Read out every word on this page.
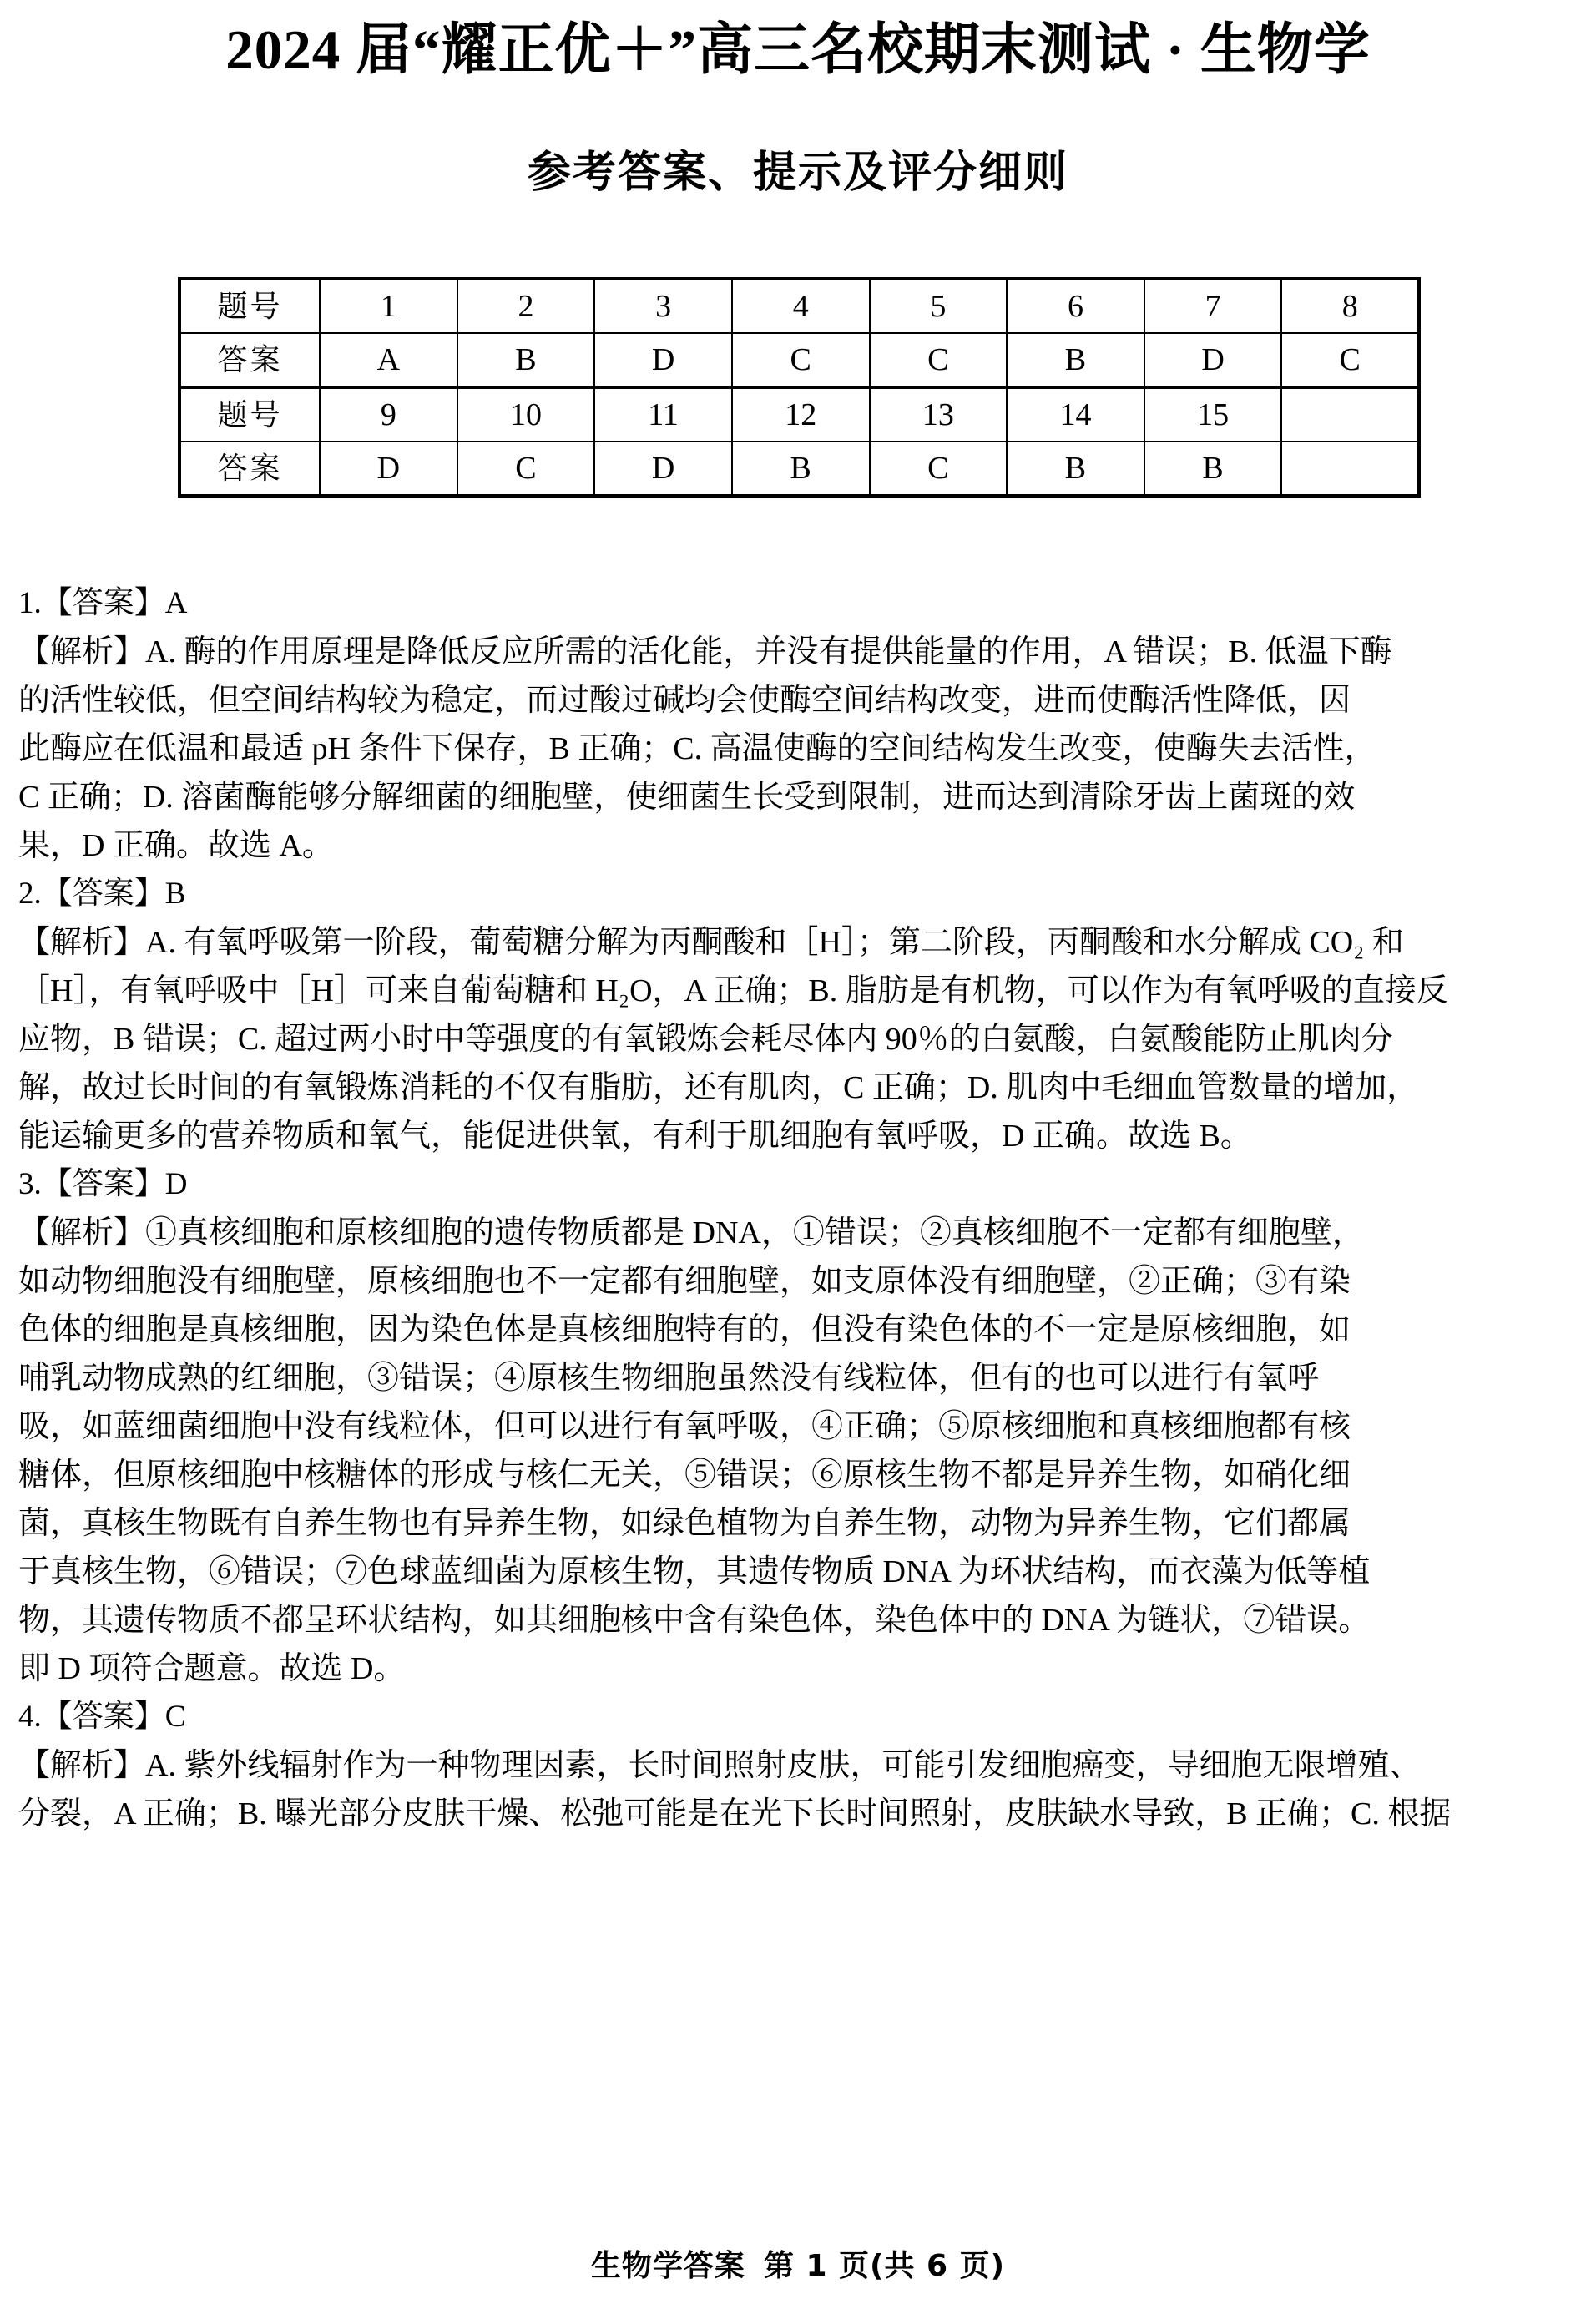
2024 届“耀正优＋”高三名校期末测试 · 生物学
参考答案、提示及评分细则
题号	1	2	3	4	5	6	7	8
答案	A	B	D	C	C	B	D	C
题号	9	10	11	12	13	14	15	
答案	D	C	D	B	C	B	B	
1.【答案】A
【解析】A. 酶的作用原理是降低反应所需的活化能，并没有提供能量的作用，A 错误；B. 低温下酶
的活性较低，但空间结构较为稳定，而过酸过碱均会使酶空间结构改变，进而使酶活性降低，因
此酶应在低温和最适 pH 条件下保存，B 正确；C. 高温使酶的空间结构发生改变，使酶失去活性，
C 正确；D. 溶菌酶能够分解细菌的细胞壁，使细菌生长受到限制，进而达到清除牙齿上菌斑的效
果，D 正确。故选 A。
2.【答案】B
【解析】A. 有氧呼吸第一阶段，葡萄糖分解为丙酮酸和［H］；第二阶段，丙酮酸和水分解成 CO₂ 和
［H］，有氧呼吸中［H］可来自葡萄糖和 H₂O，A 正确；B. 脂肪是有机物，可以作为有氧呼吸的直接反
应物，B 错误；C. 超过两小时中等强度的有氧锻炼会耗尽体内 90％的白氨酸，白氨酸能防止肌肉分
解，故过长时间的有氧锻炼消耗的不仅有脂肪，还有肌肉，C 正确；D. 肌肉中毛细血管数量的增加，
能运输更多的营养物质和氧气，能促进供氧，有利于肌细胞有氧呼吸，D 正确。故选 B。
3.【答案】D
【解析】①真核细胞和原核细胞的遗传物质都是 DNA，①错误；②真核细胞不一定都有细胞壁，
如动物细胞没有细胞壁，原核细胞也不一定都有细胞壁，如支原体没有细胞壁，②正确；③有染
色体的细胞是真核细胞，因为染色体是真核细胞特有的，但没有染色体的不一定是原核细胞，如
哺乳动物成熟的红细胞，③错误；④原核生物细胞虽然没有线粒体，但有的也可以进行有氧呼
吸，如蓝细菌细胞中没有线粒体，但可以进行有氧呼吸，④正确；⑤原核细胞和真核细胞都有核
糖体，但原核细胞中核糖体的形成与核仁无关，⑤错误；⑥原核生物不都是异养生物，如硝化细
菌，真核生物既有自养生物也有异养生物，如绿色植物为自养生物，动物为异养生物，它们都属
于真核生物，⑥错误；⑦色球蓝细菌为原核生物，其遗传物质 DNA 为环状结构，而衣藻为低等植
物，其遗传物质不都呈环状结构，如其细胞核中含有染色体，染色体中的 DNA 为链状，⑦错误。
即 D 项符合题意。故选 D。
4.【答案】C
【解析】A. 紫外线辐射作为一种物理因素，长时间照射皮肤，可能引发细胞癌变，导细胞无限增殖、
分裂，A 正确；B. 曝光部分皮肤干燥、松弛可能是在光下长时间照射，皮肤缺水导致，B 正确；C. 根据
生物学答案 第 1 页(共 6 页)
